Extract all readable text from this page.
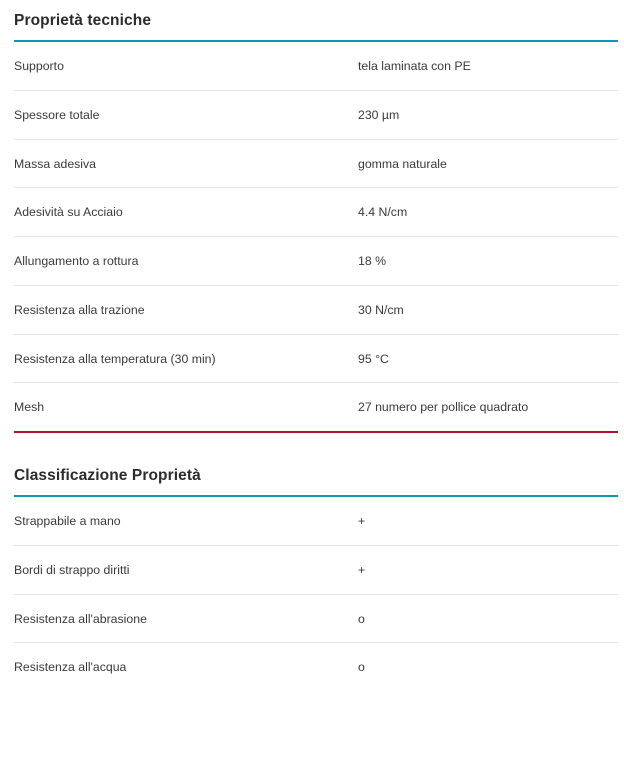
Proprietà tecniche
Supporto	tela laminata con PE
Spessore totale	230 µm
Massa adesiva	gomma naturale
Adesività su Acciaio	4.4 N/cm
Allungamento a rottura	18 %
Resistenza alla trazione	30 N/cm
Resistenza alla temperatura (30 min)	95 °C
Mesh	27 numero per pollice quadrato
Classificazione Proprietà
Strappabile a mano	+
Bordi di strappo diritti	+
Resistenza all'abrasione	o
Resistenza all'acqua	o
